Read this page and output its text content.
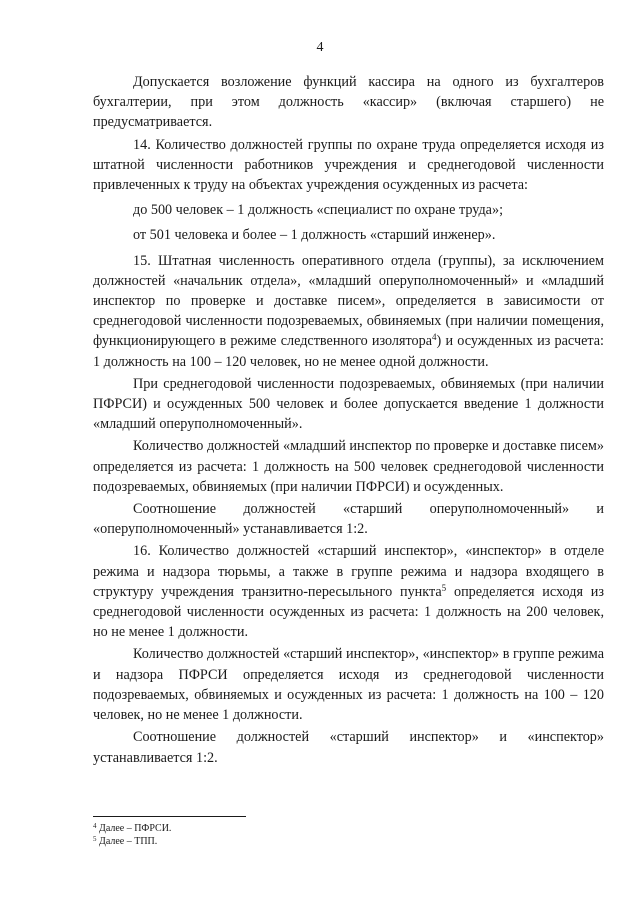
4

Допускается возложение функций кассира на одного из бухгалтеров бухгалтерии, при этом должность «кассир» (включая старшего) не предусматривается.

14. Количество должностей группы по охране труда определяется исходя из штатной численности работников учреждения и среднегодовой численности привлеченных к труду на объектах учреждения осужденных из расчета:

до 500 человек – 1 должность «специалист по охране труда»;

от 501 человека и более – 1 должность «старший инженер».

15. Штатная численность оперативного отдела (группы), за исключением должностей «начальник отдела», «младший оперуполномоченный» и «младший инспектор по проверке и доставке писем», определяется в зависимости от среднегодовой численности подозреваемых, обвиняемых (при наличии помещения, функционирующего в режиме следственного изолятора$^4$) и осужденных из расчета: 1 должность на 100 – 120 человек, но не менее одной должности.

При среднегодовой численности подозреваемых, обвиняемых (при наличии ПФРСИ) и осужденных 500 человек и более допускается введение 1 должности «младший оперуполномоченный».

Количество должностей «младший инспектор по проверке и доставке писем» определяется из расчета: 1 должность на 500 человек среднегодовой численности подозреваемых, обвиняемых (при наличии ПФРСИ) и осужденных.

Соотношение должностей «старший оперуполномоченный» и «оперуполномоченный» устанавливается 1:2.

16. Количество должностей «старший инспектор», «инспектор» в отделе режима и надзора тюрьмы, а также в группе режима и надзора входящего в структуру учреждения транзитно-пересыльного пункта$^5$ определяется исходя из среднегодовой численности осужденных из расчета: 1 должность на 200 человек, но не менее 1 должности.

Количество должностей «старший инспектор», «инспектор» в группе режима и надзора ПФРСИ определяется исходя из среднегодовой численности подозреваемых, обвиняемых и осужденных из расчета: 1 должность на 100 – 120 человек, но не менее 1 должности.

Соотношение должностей «старший инспектор» и «инспектор» устанавливается 1:2.

$^4$ Далее – ПФРСИ.
$^5$ Далее – ТПП.
